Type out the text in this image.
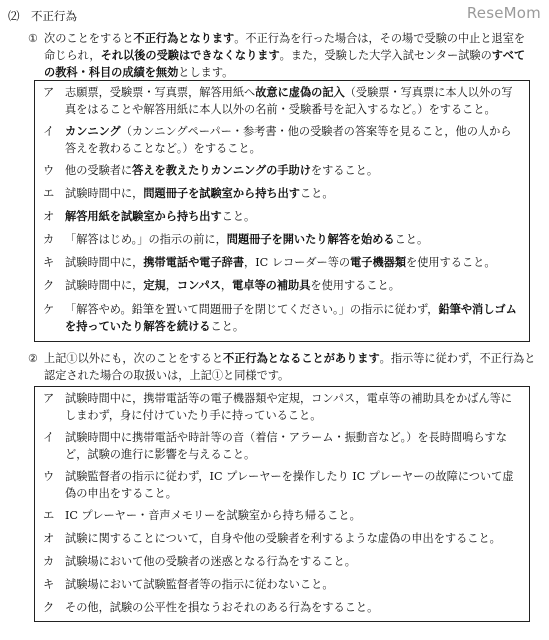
⑵　不正行為	ReseMom
① 次のことをすると不正行為となります。不正行為を行った場合は，その場で受験の中止と退室を命じられ，それ以後の受験はできなくなります。また，受験した大学入試センター試験のすべての教科・科目の成績を無効とします。
ア 志願票，受験票・写真票，解答用紙へ故意に虚偽の記入（受験票・写真票に本人以外の写真をはることや解答用紙に本人以外の名前・受験番号を記入するなど。）をすること。
イ カンニング（カンニングペーパー・参考書・他の受験者の答案等を見ること，他の人から答えを教わることなど。）をすること。
ウ 他の受験者に答えを教えたりカンニングの手助けをすること。
エ 試験時間中に，問題冊子を試験室から持ち出すこと。
オ 解答用紙を試験室から持ち出すこと。
カ 「解答はじめ。」の指示の前に，問題冊子を開いたり解答を始めること。
キ 試験時間中に，携帯電話や電子辞書，IC レコーダー等の電子機器類を使用すること。
ク 試験時間中に，定規，コンパス，電卓等の補助具を使用すること。
ケ 「解答やめ。鉛筆を置いて問題冊子を閉じてください。」の指示に従わず，鉛筆や消しゴムを持っていたり解答を続けること。
② 上記①以外にも，次のことをすると不正行為となることがあります。指示等に従わず，不正行為と認定された場合の取扱いは，上記①と同様です。
ア 試験時間中に，携帯電話等の電子機器類や定規，コンパス，電卓等の補助具をかばん等にしまわず，身に付けていたり手に持っていること。
イ 試験時間中に携帯電話や時計等の音（着信・アラーム・振動音など。）を長時間鳴らすなど，試験の進行に影響を与えること。
ウ 試験監督者の指示に従わず，IC プレーヤーを操作したり IC プレーヤーの故障について虚偽の申出をすること。
エ IC プレーヤー・音声メモリーを試験室から持ち帰ること。
オ 試験に関することについて，自身や他の受験者を利するような虚偽の申出をすること。
カ 試験場において他の受験者の迷惑となる行為をすること。
キ 試験場において試験監督者等の指示に従わないこと。
ク その他，試験の公平性を損なうおそれのある行為をすること。
